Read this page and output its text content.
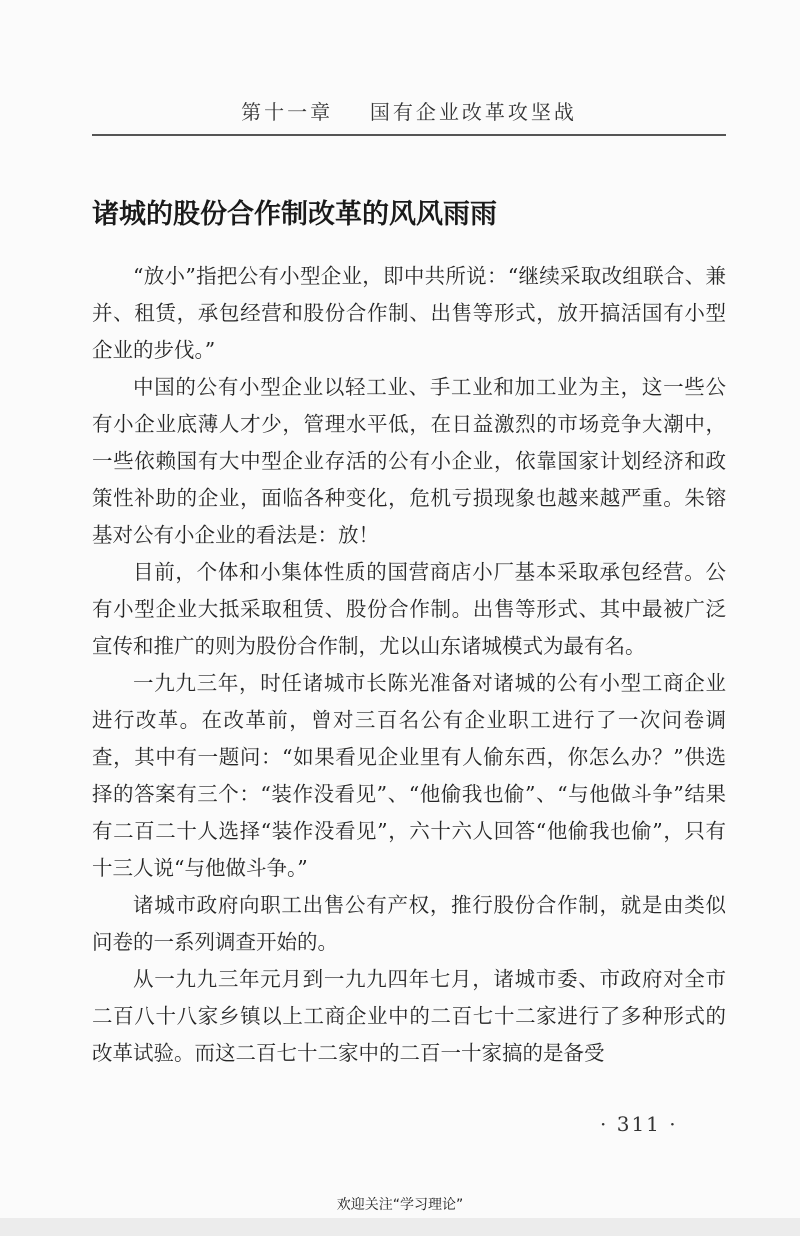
第十一章 国有企业改革攻坚战
诸城的股份合作制改革的风风雨雨

“放小”指把公有小型企业，即中共所说：“继续采取改组联合、兼并、租赁，承包经营和股份合作制、出售等形式，放开搞活国有小型企业的步伐。”

中国的公有小型企业以轻工业、手工业和加工业为主，这一些公有小企业底薄人才少，管理水平低，在日益激烈的市场竞争大潮中，一些依赖国有大中型企业存活的公有小企业，依靠国家计划经济和政策性补助的企业，面临各种变化，危机亏损现象也越来越严重。朱镕基对公有小企业的看法是：放！

目前，个体和小集体性质的国营商店小厂基本采取承包经营。公有小型企业大抵采取租赁、股份合作制。出售等形式、其中最被广泛宣传和推广的则为股份合作制，尤以山东诸城模式为最有名。

一九九三年，时任诸城市长陈光准备对诸城的公有小型工商企业进行改革。在改革前，曾对三百名公有企业职工进行了一次问卷调查，其中有一题问：“如果看见企业里有人偷东西，你怎么办？”供选择的答案有三个：“装作没看见”、“他偷我也偷”、“与他做斗争”结果有二百二十人选择“装作没看见”，六十六人回答“他偷我也偷”，只有十三人说“与他做斗争。”

诸城市政府向职工出售公有产权，推行股份合作制，就是由类似问卷的一系列调查开始的。

从一九九三年元月到一九九四年七月，诸城市委、市政府对全市二百八十八家乡镇以上工商企业中的二百七十二家进行了多种形式的改革试验。而这二百七十二家中的二百一十家搞的是备受

· 311 ·
欢迎关注“学习理论”
